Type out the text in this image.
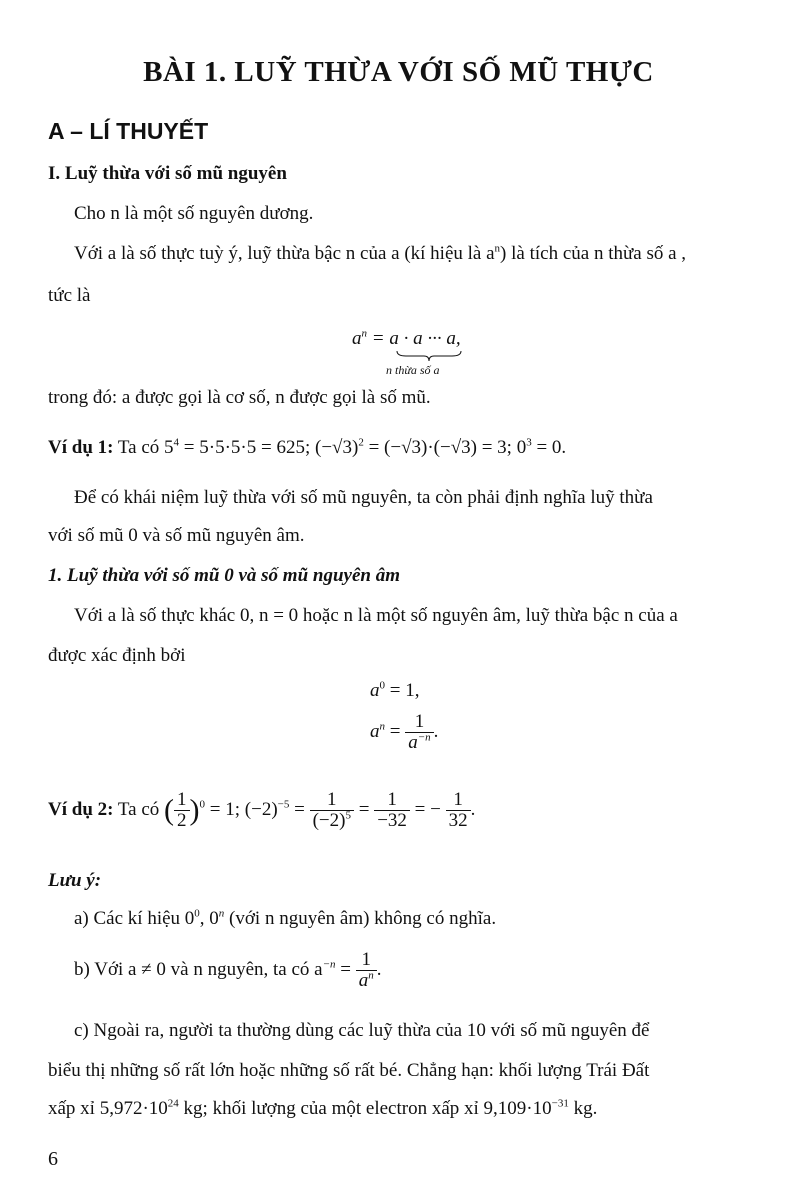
BÀI 1. LUỸ THỪA VỚI SỐ MŨ THỰC
A – LÍ THUYẾT
I. Luỹ thừa với số mũ nguyên
Cho n là một số nguyên dương.
Với a là số thực tuỳ ý, luỹ thừa bậc n của a (kí hiệu là $a^n$) là tích của n thừa số a ,
tức là
$a^n = a \cdot a$ ··· a,
n thừa số a
trong đó: a được gọi là cơ số, n được gọi là số mũ.
Ví dụ 1: Ta có $5^4 = 5\cdot 5\cdot 5\cdot 5 = 625$; $(-√3)^2 = (-√3)\cdot(-√3) = 3$; $0^3 = 0$.
Để có khái niệm luỹ thừa với số mũ nguyên, ta còn phải định nghĩa luỹ thừa
với số mũ 0 và số mũ nguyên âm.
1. Luỹ thừa với số mũ 0 và số mũ nguyên âm
Với a là số thực khác 0, n = 0 hoặc n là một số nguyên âm, luỹ thừa bậc n của a
được xác định bởi
$a^0 = 1$,
$a^n = \frac{1}{a^{-n}}$ .
Ví dụ 2: Ta có ( $\frac{1}{2} )^0 = 1$; $(-2)^{-5} = \frac{1}{(-2)^5} = \frac{1}{-32}$ = − $\frac{1}{32}$ .
Lưu ý:
a) Các kí hiệu $0^0$, 0$^n$ (với n nguyên âm) không có nghĩa.
b) Với a ≠ 0 và n nguyên, ta có $a^{-n} = \frac{1}{a^n}$ .
c) Ngoài ra, người ta thường dùng các luỹ thừa của 10 với số mũ nguyên để
biểu thị những số rất lớn hoặc những số rất bé. Chẳng hạn: khối lượng Trái Đất
xấp xỉ $5,972\cdot 10^{24}$ kg; khối lượng của một electron xấp xỉ $9,109\cdot 10^{-31}$ kg.
6
